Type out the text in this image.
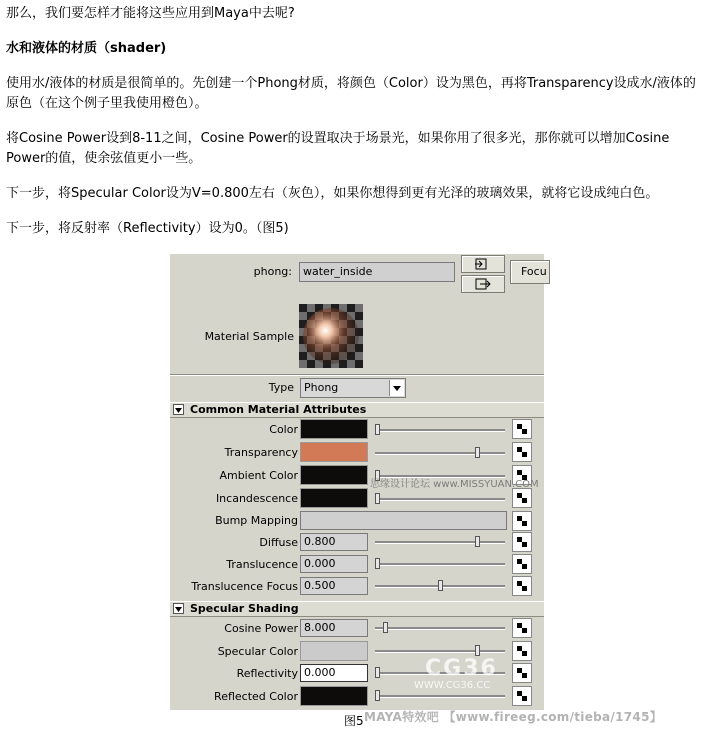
那么，我们要怎样才能将这些应用到Maya中去呢?

水和液体的材质（shader)

使用水/液体的材质是很简单的。先创建一个Phong材质，将颜色（Color）设为黑色，再将Transparency设成水/液体的原色（在这个例子里我使用橙色）。

将Cosine Power设到8-11之间，Cosine Power的设置取决于场景光，如果你用了很多光，那你就可以增加Cosine Power的值，使余弦值更小一些。

下一步，将Specular Color设为V=0.800左右（灰色），如果你想得到更有光泽的玻璃效果，就将它设成纯白色。

下一步，将反射率（Reflectivity）设为0。（图5)

phong:	water_inside	Focu
Material Sample
Type Phong
Common Material Attributes
Color
Transparency
Ambient Color
Incandescence
Bump Mapping
Diffuse 0.800
Translucence 0.000
Translucence Focus 0.500
Specular Shading
Cosine Power 8.000
Specular Color
Reflectivity 0.000
Reflected Color
思缘设计论坛 www.MISSYUAN.COM
CG36
WWW.CG36.CC
图5 MAYA特效吧 【www.fireeg.com/tieba/1745】
